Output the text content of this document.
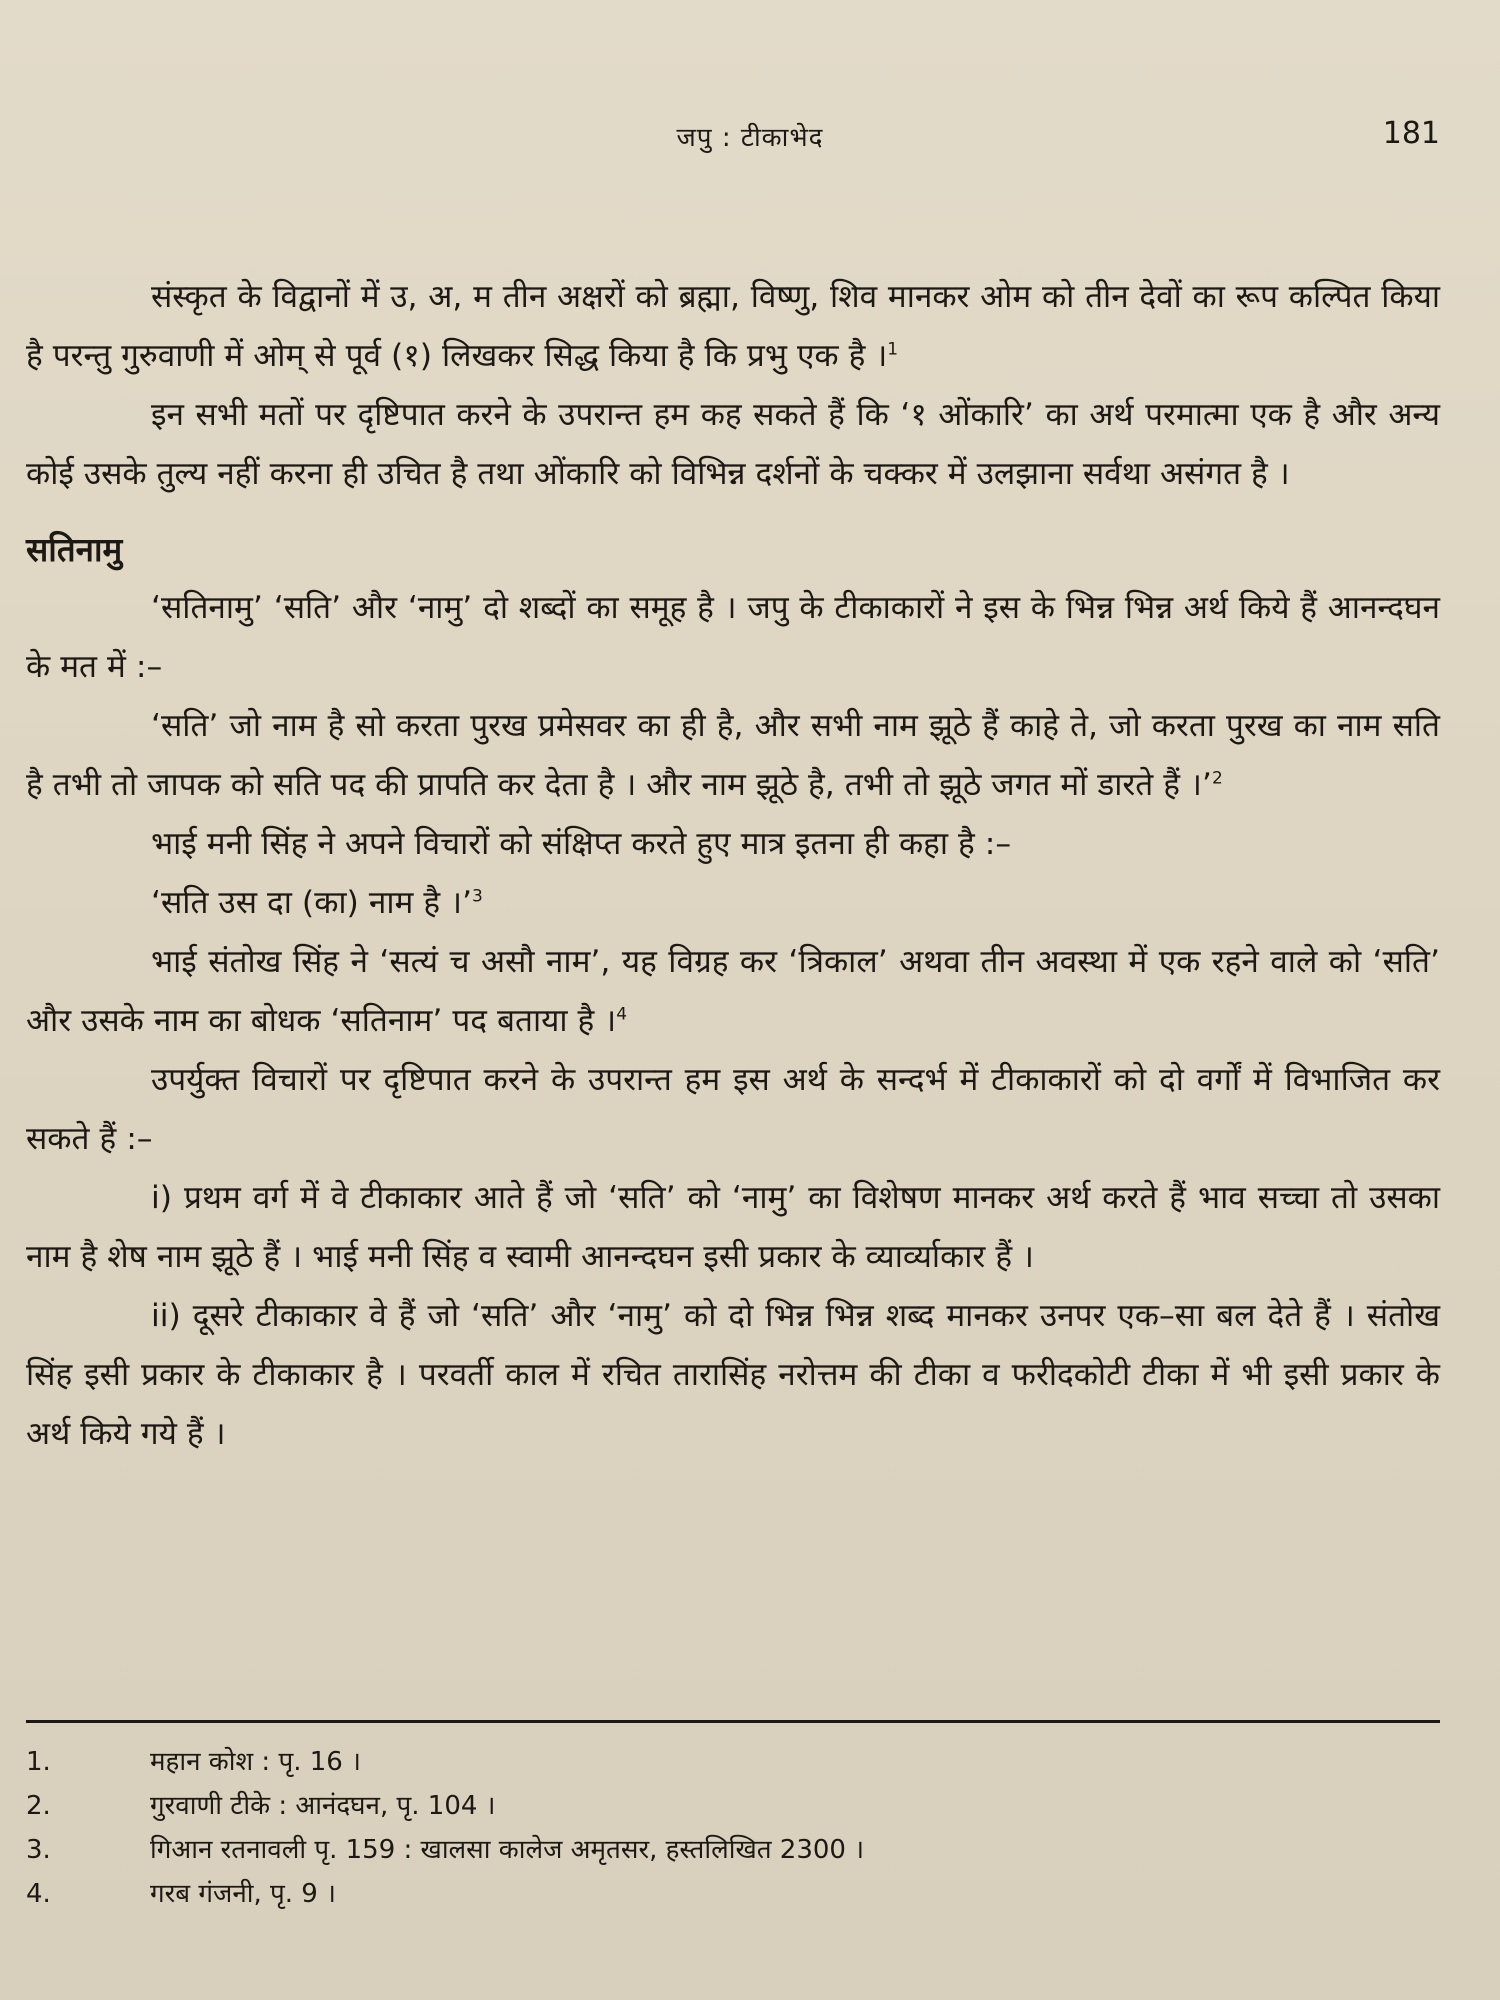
जपु : टीकाभेद	181

संस्कृत के विद्वानों में उ, अ, म तीन अक्षरों को ब्रह्मा, विष्णु, शिव मानकर ओम को तीन देवों का रूप कल्पित किया है परन्तु गुरुवाणी में ओम् से पूर्व (१) लिखकर सिद्ध किया है कि प्रभु एक है ।$^1$

इन सभी मतों पर दृष्टिपात करने के उपरान्त हम कह सकते हैं कि ‘१ ओंकारि’ का अर्थ परमात्मा एक है और अन्य कोई उसके तुल्य नहीं करना ही उचित है तथा ओंकारि को विभिन्न दर्शनों के चक्कर में उलझाना सर्वथा असंगत है ।

सतिनामु

‘सतिनामु’ ‘सति’ और ‘नामु’ दो शब्दों का समूह है । जपु के टीकाकारों ने इस के भिन्न भिन्न अर्थ किये हैं आनन्दघन के मत में :–

‘सति’ जो नाम है सो करता पुरख प्रमेसवर का ही है, और सभी नाम झूठे हैं काहे ते, जो करता पुरख का नाम सति है तभी तो जापक को सति पद की प्रापति कर देता है । और नाम झूठे है, तभी तो झूठे जगत मों डारते हैं ।’$^2$

भाई मनी सिंह ने अपने विचारों को संक्षिप्त करते हुए मात्र इतना ही कहा है :–

‘सति उस दा (का) नाम है ।’$^3$

भाई संतोख सिंह ने ‘सत्यं च असौ नाम’, यह विग्रह कर ‘त्रिकाल’ अथवा तीन अवस्था में एक रहने वाले को ‘सति’ और उसके नाम का बोधक ‘सतिनाम’ पद बताया है ।$^4$

उपर्युक्त विचारों पर दृष्टिपात करने के उपरान्त हम इस अर्थ के सन्दर्भ में टीकाकारों को दो वर्गों में विभाजित कर सकते हैं :–

i) प्रथम वर्ग में वे टीकाकार आते हैं जो ‘सति’ को ‘नामु’ का विशेषण मानकर अर्थ करते हैं भाव सच्चा तो उसका नाम है शेष नाम झूठे हैं । भाई मनी सिंह व स्वामी आनन्दघन इसी प्रकार के व्यार्व्याकार हैं ।

ii) दूसरे टीकाकार वे हैं जो ‘सति’ और ‘नामु’ को दो भिन्न भिन्न शब्द मानकर उनपर एक–सा बल देते हैं । संतोख सिंह इसी प्रकार के टीकाकार है । परवर्ती काल में रचित तारासिंह नरोत्तम की टीका व फरीदकोटी टीका में भी इसी प्रकार के अर्थ किये गये हैं ।

1.	महान कोश : पृ. 16 ।
2.	गुरवाणी टीके : आनंदघन, पृ. 104 ।
3.	गिआन रतनावली पृ. 159 : खालसा कालेज अमृतसर, हस्तलिखित 2300 ।
4.	गरब गंजनी, पृ. 9 ।
